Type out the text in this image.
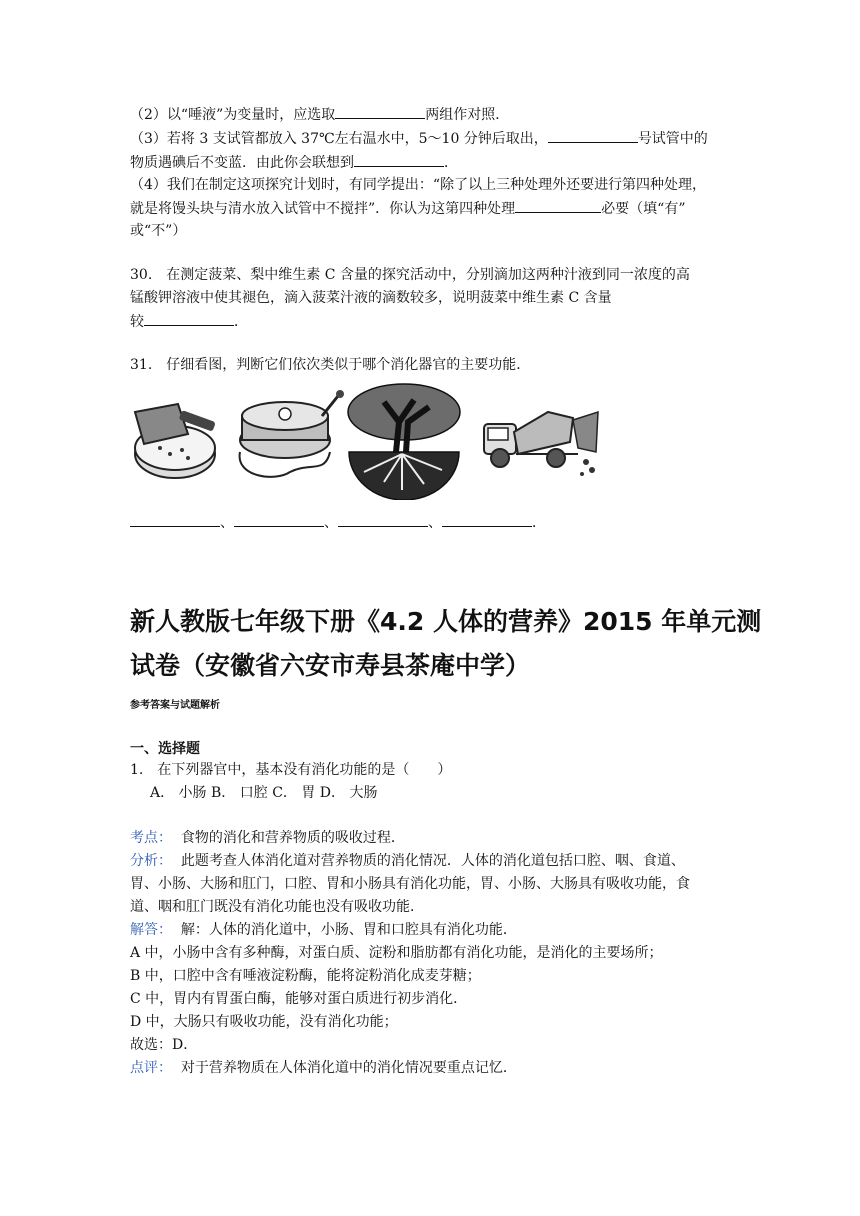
（2）以“唾液”为变量时，应选取	两组作对照．
（3）若将 3 支试管都放入 37℃左右温水中，5～10 分钟后取出，	号试管中的
物质遇碘后不变蓝．由此你会联想到	．
（4）我们在制定这项探究计划时，有同学提出：“除了以上三种处理外还要进行第四种处理，
就是将馒头块与清水放入试管中不搅拌”．你认为这第四种处理	必要（填“有”
或“不”）
30.　在测定菠菜、梨中维生素 C 含量的探究活动中，分别滴加这两种汁液到同一浓度的高
锰酸钾溶液中使其褪色，滴入菠菜汁液的滴数较多，说明菠菜中维生素 C 含量
较	．
31.　仔细看图，判断它们依次类似于哪个消化器官的主要功能．
、	、	、	．
新人教版七年级下册《4.2 人体的营养》2015 年单元测
试卷（安徽省六安市寿县茶庵中学）
参考答案与试题解析
一、选择题
1.　在下列器官中，基本没有消化功能的是（　　）
A． 小肠 B． 口腔 C． 胃 D． 大肠
考点： 食物的消化和营养物质的吸收过程．
分析： 此题考查人体消化道对营养物质的消化情况．人体的消化道包括口腔、咽、食道、
胃、小肠、大肠和肛门，口腔、胃和小肠具有消化功能，胃、小肠、大肠具有吸收功能，食
道、咽和肛门既没有消化功能也没有吸收功能．
解答： 解：人体的消化道中，小肠、胃和口腔具有消化功能．
A 中，小肠中含有多种酶，对蛋白质、淀粉和脂肪都有消化功能，是消化的主要场所；
B 中，口腔中含有唾液淀粉酶，能将淀粉消化成麦芽糖；
C 中，胃内有胃蛋白酶，能够对蛋白质进行初步消化．
D 中，大肠只有吸收功能，没有消化功能；
故选：D．
点评： 对于营养物质在人体消化道中的消化情况要重点记忆．
